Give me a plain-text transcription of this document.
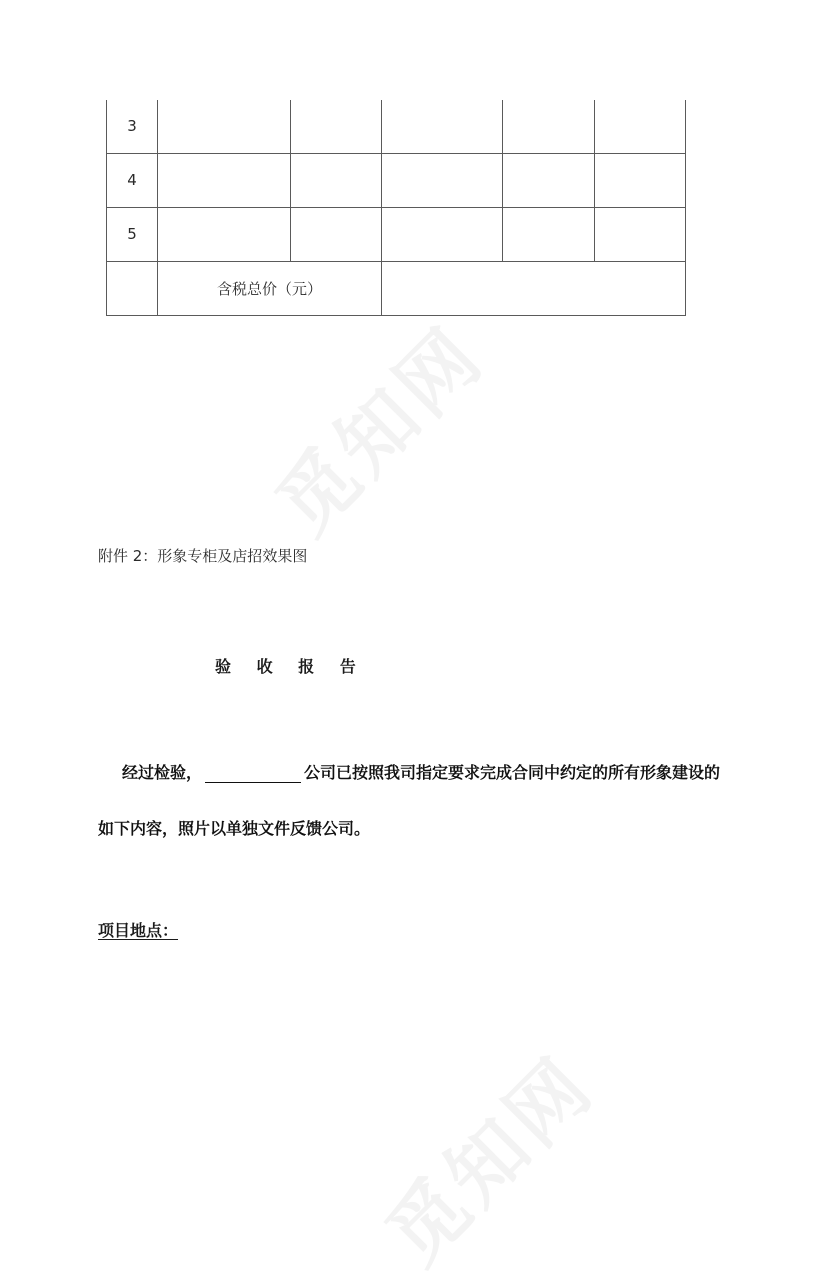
3					
4					
5					
	含税总价（元）				
附件 2：形象专柜及店招效果图
验 收 报 告
经过检验，	公司已按照我司指定要求完成合同中约定的所有形象建设的
如下内容，照片以单独文件反馈公司。
项目地点：
